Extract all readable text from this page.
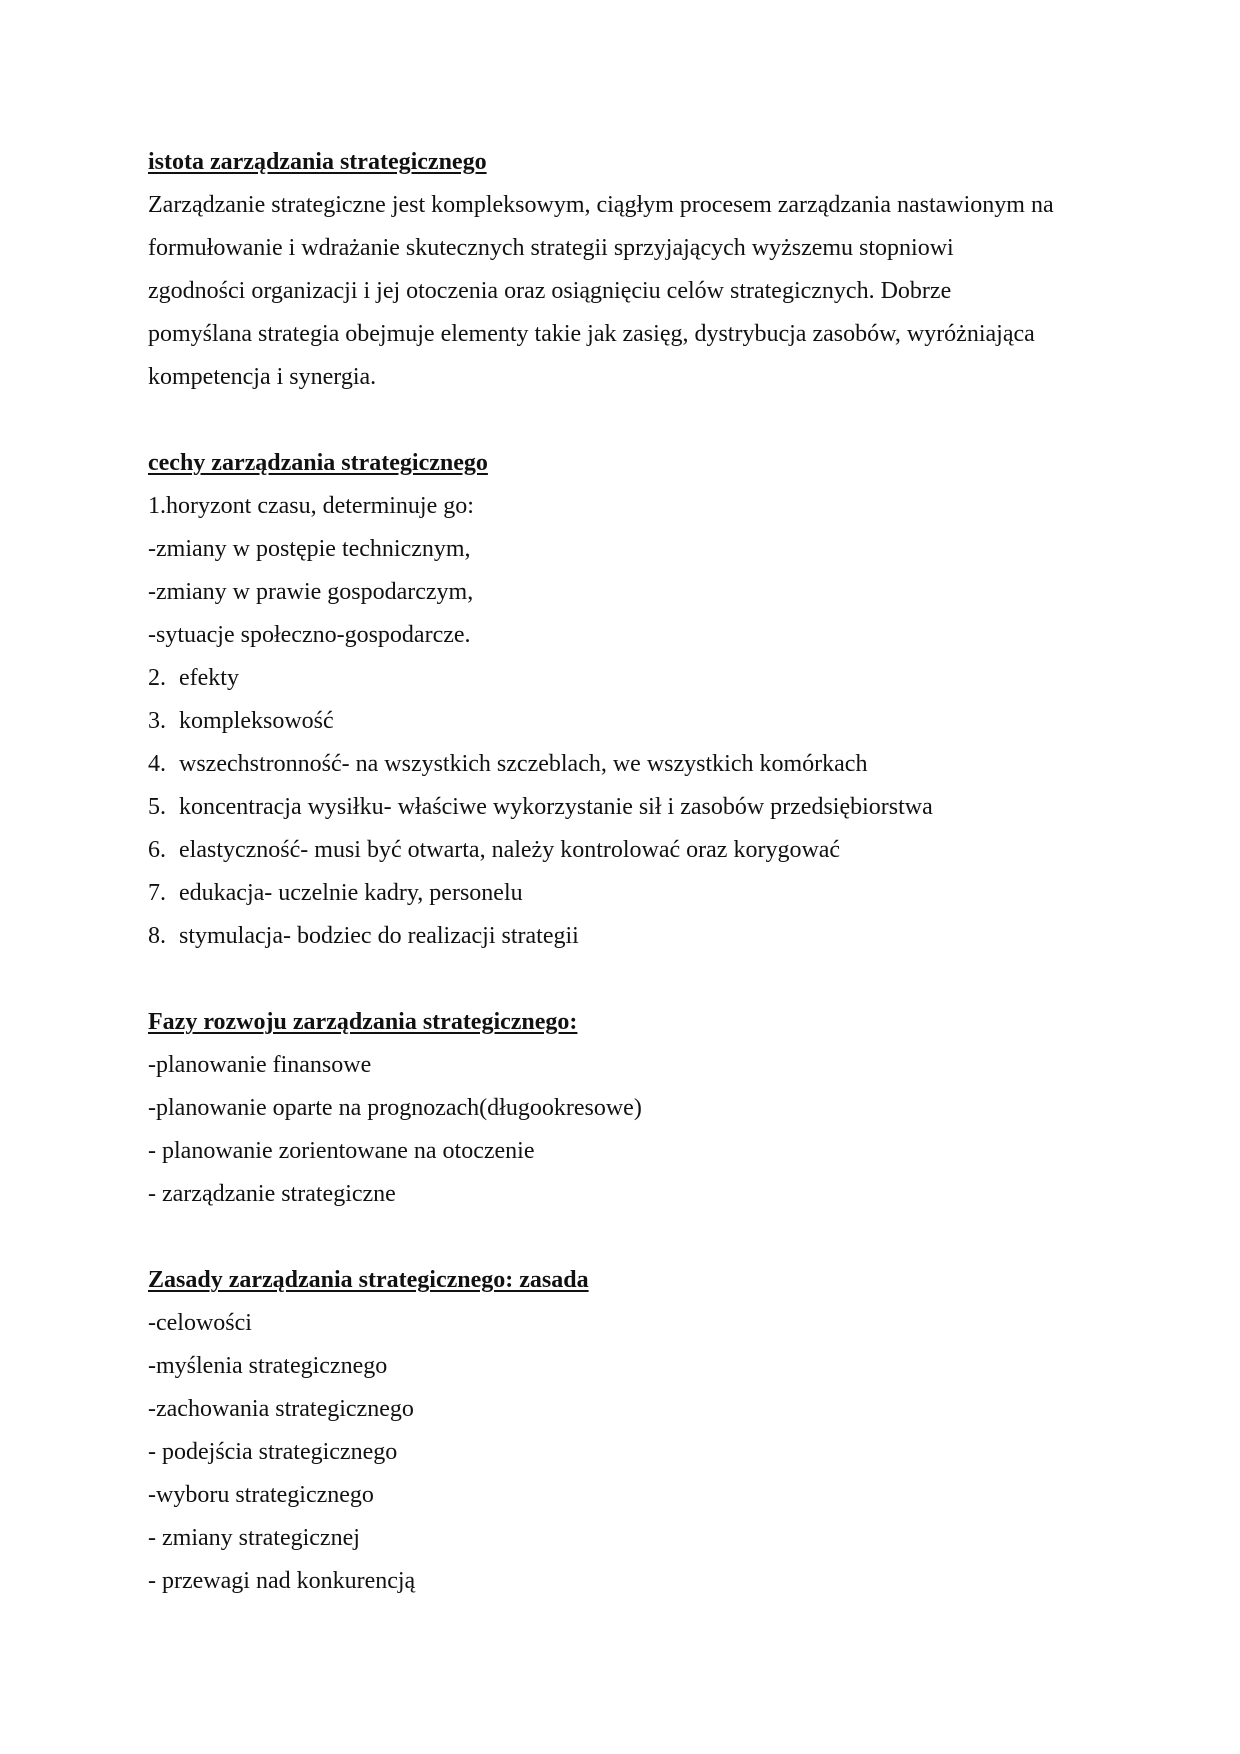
istota zarządzania strategicznego
Zarządzanie strategiczne jest kompleksowym, ciągłym procesem zarządzania nastawionym na
formułowanie i wdrażanie skutecznych strategii sprzyjających wyższemu stopniowi
zgodności organizacji i jej otoczenia oraz osiągnięciu celów strategicznych. Dobrze
pomyślana strategia obejmuje elementy takie jak zasięg, dystrybucja zasobów, wyróżniająca
kompetencja i synergia.
cechy zarządzania strategicznego
1.horyzont czasu, determinuje go:
-zmiany w postępie technicznym,
-zmiany w prawie gospodarczym,
-sytuacje społeczno-gospodarcze.
2. efekty
3. kompleksowość
4. wszechstronność- na wszystkich szczeblach, we wszystkich komórkach
5. koncentracja wysiłku- właściwe wykorzystanie sił i zasobów przedsiębiorstwa
6. elastyczność- musi być otwarta, należy kontrolować oraz korygować
7. edukacja- uczelnie kadry, personelu
8. stymulacja- bodziec do realizacji strategii
Fazy rozwoju zarządzania strategicznego:
-planowanie finansowe
-planowanie oparte na prognozach(długookresowe)
- planowanie zorientowane na otoczenie
- zarządzanie strategiczne
Zasady zarządzania strategicznego: zasada
-celowości
-myślenia strategicznego
-zachowania strategicznego
- podejścia strategicznego
-wyboru strategicznego
- zmiany strategicznej
- przewagi nad konkurencją
